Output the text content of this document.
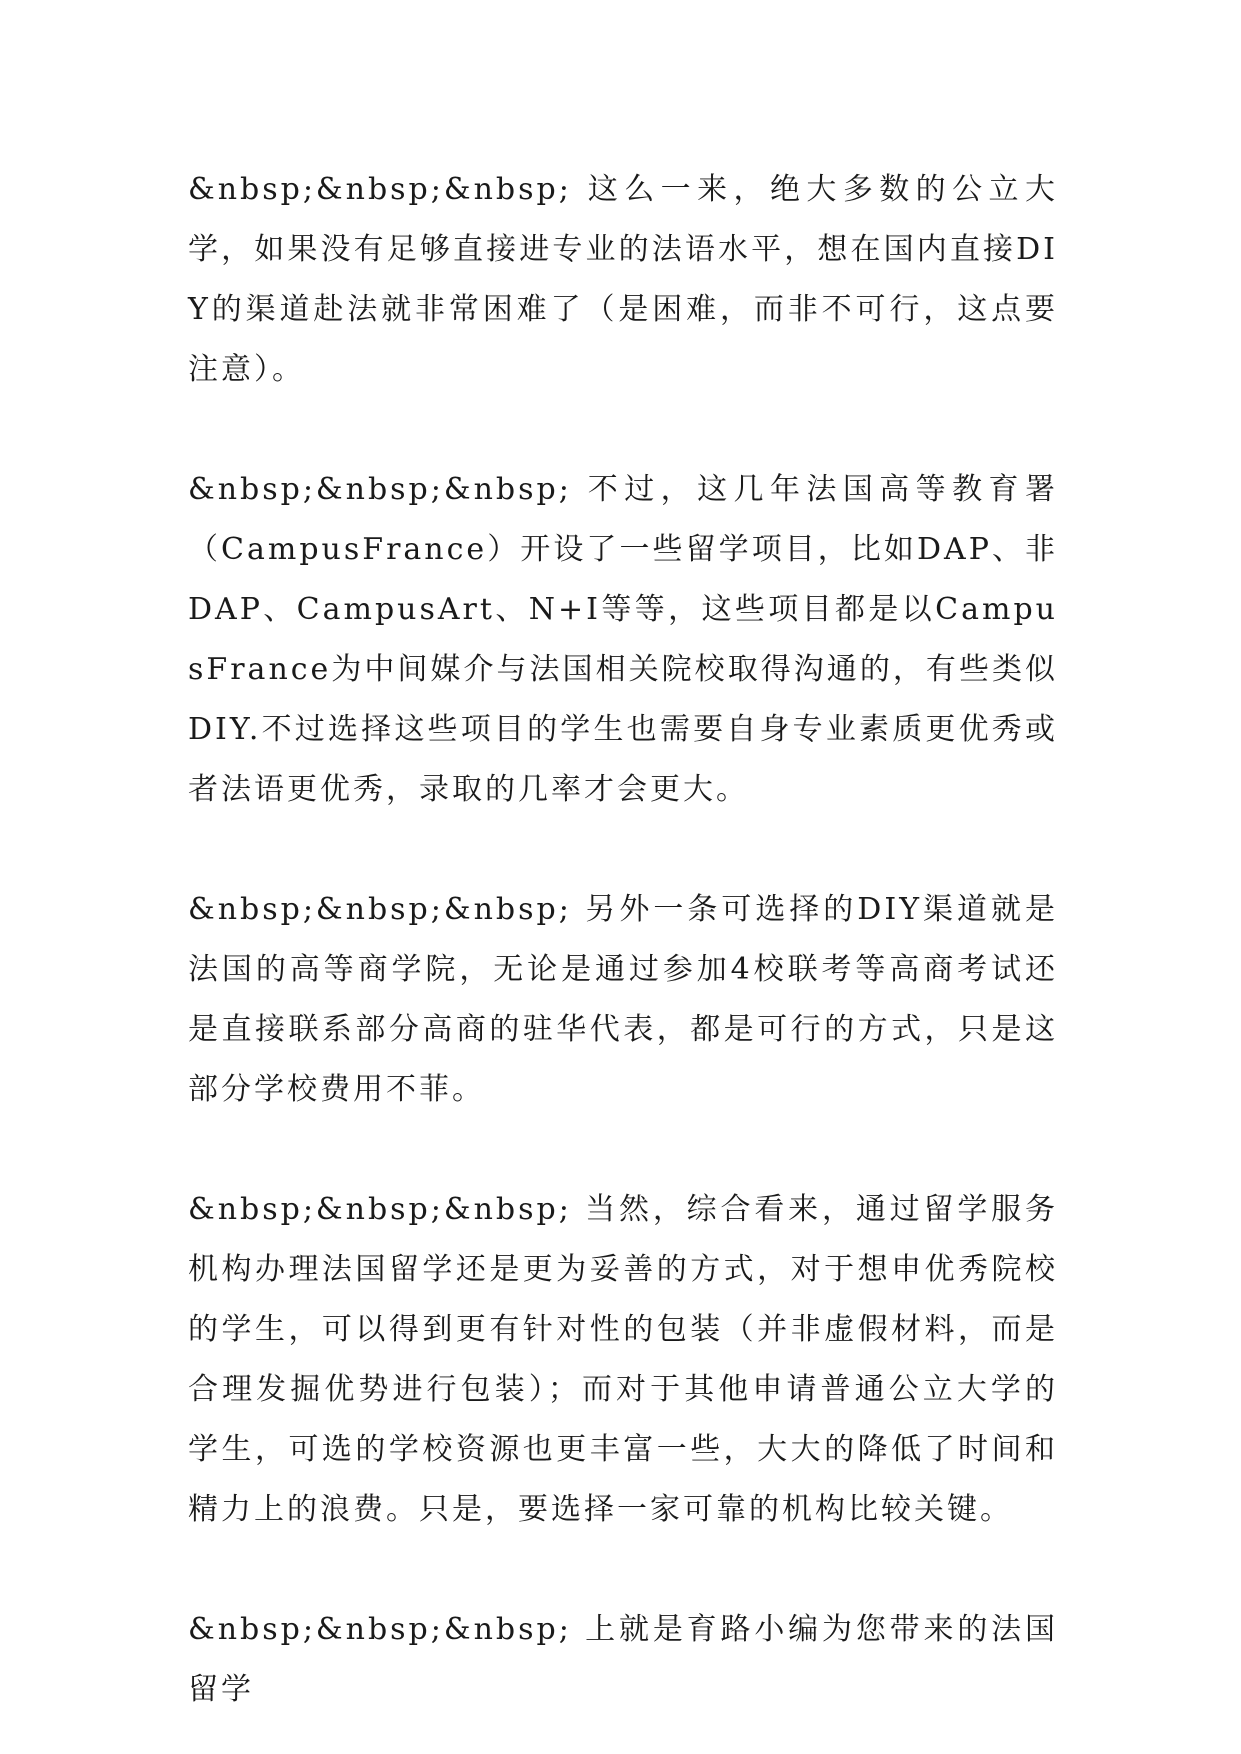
&nbsp;&nbsp;&nbsp; 这么一来，绝大多数的公立大学，如果没有足够直接进专业的法语水平，想在国内直接DIY的渠道赴法就非常困难了（是困难，而非不可行，这点要注意）。

&nbsp;&nbsp;&nbsp; 不过，这几年法国高等教育署（CampusFrance）开设了一些留学项目，比如DAP、非DAP、CampusArt、N+I等等，这些项目都是以CampusFrance为中间媒介与法国相关院校取得沟通的，有些类似DIY.不过选择这些项目的学生也需要自身专业素质更优秀或者法语更优秀，录取的几率才会更大。

&nbsp;&nbsp;&nbsp; 另外一条可选择的DIY渠道就是法国的高等商学院，无论是通过参加4校联考等高商考试还是直接联系部分高商的驻华代表，都是可行的方式，只是这部分学校费用不菲。

&nbsp;&nbsp;&nbsp; 当然，综合看来，通过留学服务机构办理法国留学还是更为妥善的方式，对于想申优秀院校的学生，可以得到更有针对性的包装（并非虚假材料，而是合理发掘优势进行包装）；而对于其他申请普通公立大学的学生，可选的学校资源也更丰富一些，大大的降低了时间和精力上的浪费。只是，要选择一家可靠的机构比较关键。

&nbsp;&nbsp;&nbsp; 上就是育路小编为您带来的法国留学
